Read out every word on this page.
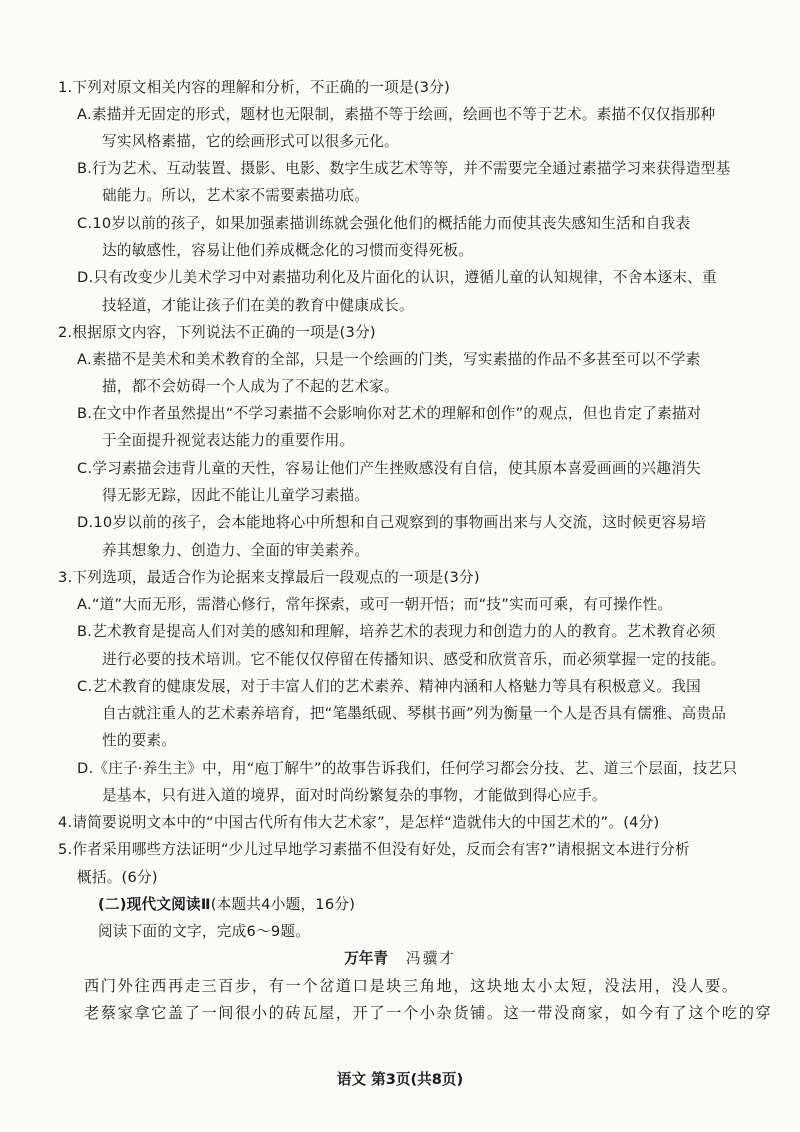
1.下列对原文相关内容的理解和分析，不正确的一项是(3分)
A.素描并无固定的形式，题材也无限制，素描不等于绘画，绘画也不等于艺术。素描不仅仅指那种
写实风格素描，它的绘画形式可以很多元化。
B.行为艺术、互动装置、摄影、电影、数字生成艺术等等，并不需要完全通过素描学习来获得造型基
础能力。所以，艺术家不需要素描功底。
C.10岁以前的孩子，如果加强素描训练就会强化他们的概括能力而使其丧失感知生活和自我表
达的敏感性，容易让他们养成概念化的习惯而变得死板。
D.只有改变少儿美术学习中对素描功利化及片面化的认识，遵循儿童的认知规律，不舍本逐末、重
技轻道，才能让孩子们在美的教育中健康成长。
2.根据原文内容，下列说法不正确的一项是(3分)
A.素描不是美术和美术教育的全部，只是一个绘画的门类，写实素描的作品不多甚至可以不学素
描，都不会妨碍一个人成为了不起的艺术家。
B.在文中作者虽然提出“不学习素描不会影响你对艺术的理解和创作”的观点，但也肯定了素描对
于全面提升视觉表达能力的重要作用。
C.学习素描会违背儿童的天性，容易让他们产生挫败感没有自信，使其原本喜爱画画的兴趣消失
得无影无踪，因此不能让儿童学习素描。
D.10岁以前的孩子，会本能地将心中所想和自己观察到的事物画出来与人交流，这时候更容易培
养其想象力、创造力、全面的审美素养。
3.下列选项，最适合作为论据来支撑最后一段观点的一项是(3分)
A.“道”大而无形，需潜心修行，常年探索，或可一朝开悟；而“技”实而可乘，有可操作性。
B.艺术教育是提高人们对美的感知和理解，培养艺术的表现力和创造力的人的教育。艺术教育必须
进行必要的技术培训。它不能仅仅停留在传播知识、感受和欣赏音乐，而必须掌握一定的技能。
C.艺术教育的健康发展，对于丰富人们的艺术素养、精神内涵和人格魅力等具有积极意义。我国
自古就注重人的艺术素养培育，把“笔墨纸砚、琴棋书画”列为衡量一个人是否具有儒雅、高贵品
性的要素。
D.《庄子·养生主》中，用“庖丁解牛”的故事告诉我们，任何学习都会分技、艺、道三个层面，技艺只
是基本，只有进入道的境界，面对时尚纷繁复杂的事物，才能做到得心应手。
4.请简要说明文本中的“中国古代所有伟大艺术家”，是怎样“造就伟大的中国艺术的”。(4分)
5.作者采用哪些方法证明“少儿过早地学习素描不但没有好处，反而会有害?”请根据文本进行分析
概括。(6分)
(二)现代文阅读Ⅱ(本题共4小题，16分)
阅读下面的文字，完成6～9题。
万年青 冯骥才
西门外往西再走三百步，有一个岔道口是块三角地，这块地太小太短，没法用，没人要。
老蔡家拿它盖了一间很小的砖瓦屋，开了一个小杂货铺。这一带没商家，如今有了这个吃的穿
语文 第3页(共8页)
